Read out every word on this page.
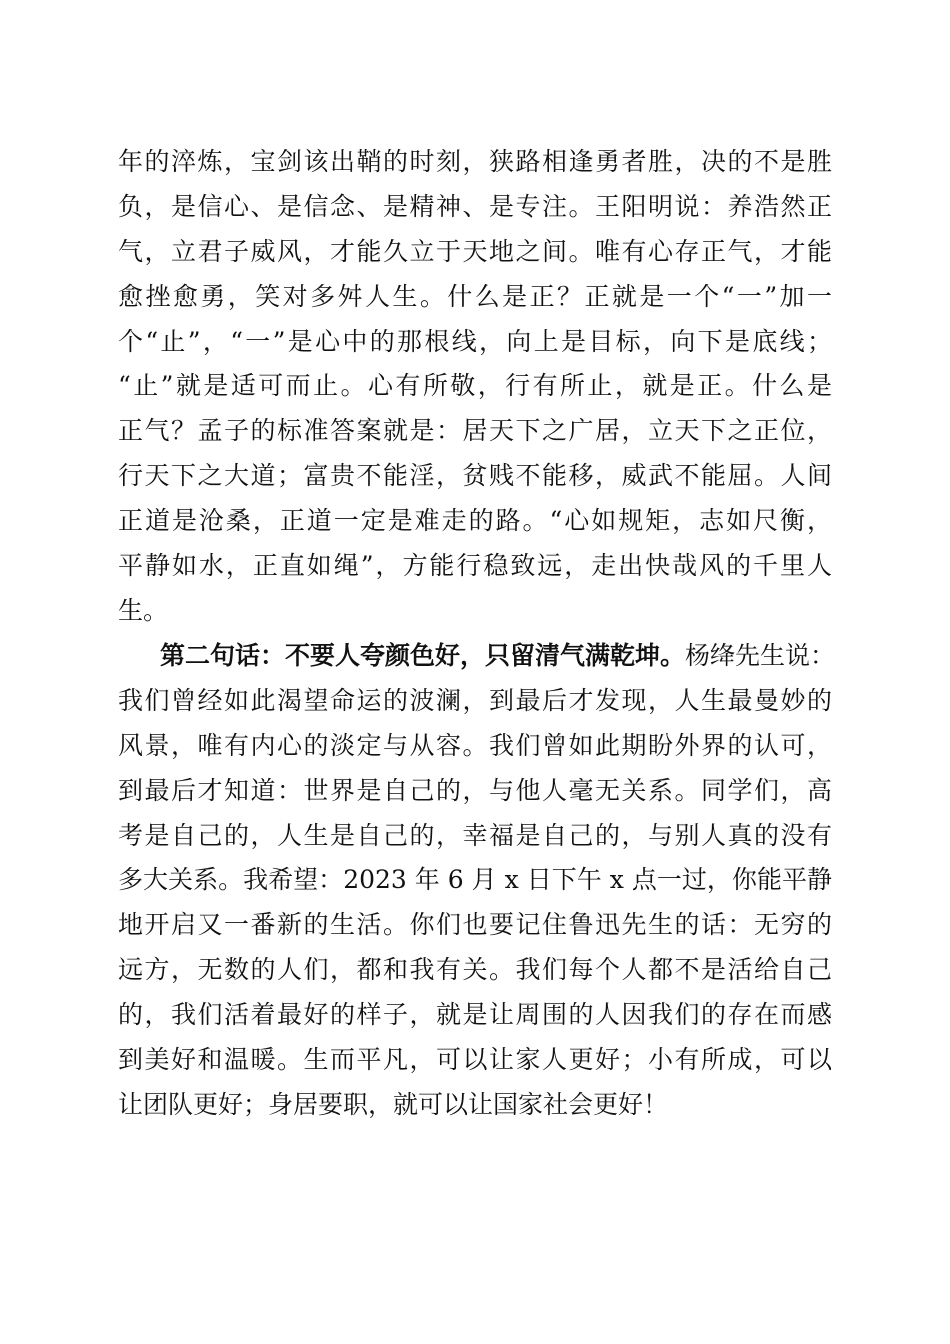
年的淬炼，宝剑该出鞘的时刻，狭路相逢勇者胜，决的不是胜
负，是信心、是信念、是精神、是专注。王阳明说：养浩然正
气，立君子威风，才能久立于天地之间。唯有心存正气，才能
愈挫愈勇，笑对多舛人生。什么是正？正就是一个“一”加一
个“止”，“一”是心中的那根线，向上是目标，向下是底线；
“止”就是适可而止。心有所敬，行有所止，就是正。什么是
正气？孟子的标准答案就是：居天下之广居，立天下之正位，
行天下之大道；富贵不能淫，贫贱不能移，威武不能屈。人间
正道是沧桑，正道一定是难走的路。“心如规矩，志如尺衡，
平静如水，正直如绳”，方能行稳致远，走出快哉风的千里人
生。
第二句话：不要人夸颜色好，只留清气满乾坤。杨绛先生说：
我们曾经如此渴望命运的波澜，到最后才发现，人生最曼妙的
风景，唯有内心的淡定与从容。我们曾如此期盼外界的认可，
到最后才知道：世界是自己的，与他人毫无关系。同学们，高
考是自己的，人生是自己的，幸福是自己的，与别人真的没有
多大关系。我希望：2023 年 6 月 x 日下午 x 点一过，你能平静
地开启又一番新的生活。你们也要记住鲁迅先生的话：无穷的
远方，无数的人们，都和我有关。我们每个人都不是活给自己
的，我们活着最好的样子，就是让周围的人因我们的存在而感
到美好和温暖。生而平凡，可以让家人更好；小有所成，可以
让团队更好；身居要职，就可以让国家社会更好！
